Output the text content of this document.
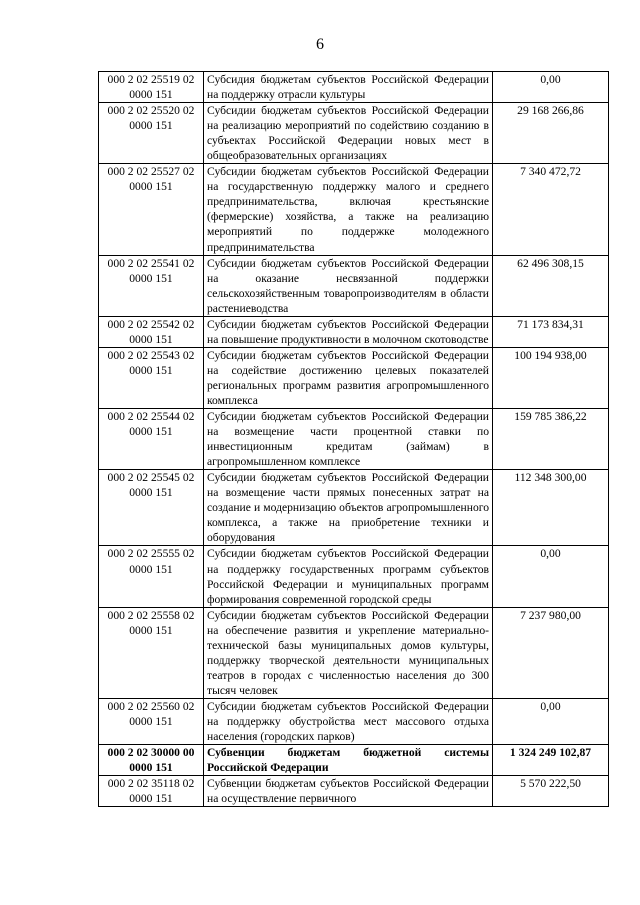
6
000 2 02 25519 02 0000 151	Субсидия бюджетам субъектов Российской Федерации на поддержку отрасли культуры	0,00
000 2 02 25520 02 0000 151	Субсидии бюджетам субъектов Российской Федерации на реализацию мероприятий по содействию созданию в субъектах Российской Федерации новых мест в общеобразовательных организациях	29 168 266,86
000 2 02 25527 02 0000 151	Субсидии бюджетам субъектов Российской Федерации на государственную поддержку малого и среднего предпринимательства, включая крестьянские (фермерские) хозяйства, а также на реализацию мероприятий по поддержке молодежного предпринимательства	7 340 472,72
000 2 02 25541 02 0000 151	Субсидии бюджетам субъектов Российской Федерации на оказание несвязанной поддержки сельскохозяйственным товаропроизводителям в области растениеводства	62 496 308,15
000 2 02 25542 02 0000 151	Субсидии бюджетам субъектов Российской Федерации на повышение продуктивности в молочном скотоводстве	71 173 834,31
000 2 02 25543 02 0000 151	Субсидии бюджетам субъектов Российской Федерации на содействие достижению целевых показателей региональных программ развития агропромышленного комплекса	100 194 938,00
000 2 02 25544 02 0000 151	Субсидии бюджетам субъектов Российской Федерации на возмещение части процентной ставки по инвестиционным кредитам (займам) в агропромышленном комплексе	159 785 386,22
000 2 02 25545 02 0000 151	Субсидии бюджетам субъектов Российской Федерации на возмещение части прямых понесенных затрат на создание и модернизацию объектов агропромышленного комплекса, а также на приобретение техники и оборудования	112 348 300,00
000 2 02 25555 02 0000 151	Субсидии бюджетам субъектов Российской Федерации на поддержку государственных программ субъектов Российской Федерации и муниципальных программ формирования современной городской среды	0,00
000 2 02 25558 02 0000 151	Субсидии бюджетам субъектов Российской Федерации на обеспечение развития и укрепление материально-технической базы муниципальных домов культуры, поддержку творческой деятельности муниципальных театров в городах с численностью населения до 300 тысяч человек	7 237 980,00
000 2 02 25560 02 0000 151	Субсидии бюджетам субъектов Российской Федерации на поддержку обустройства мест массового отдыха населения (городских парков)	0,00
000 2 02 30000 00 0000 151	Субвенции бюджетам бюджетной системы Российской Федерации	1 324 249 102,87
000 2 02 35118 02 0000 151	Субвенции бюджетам субъектов Российской Федерации на осуществление первичного	5 570 222,50
